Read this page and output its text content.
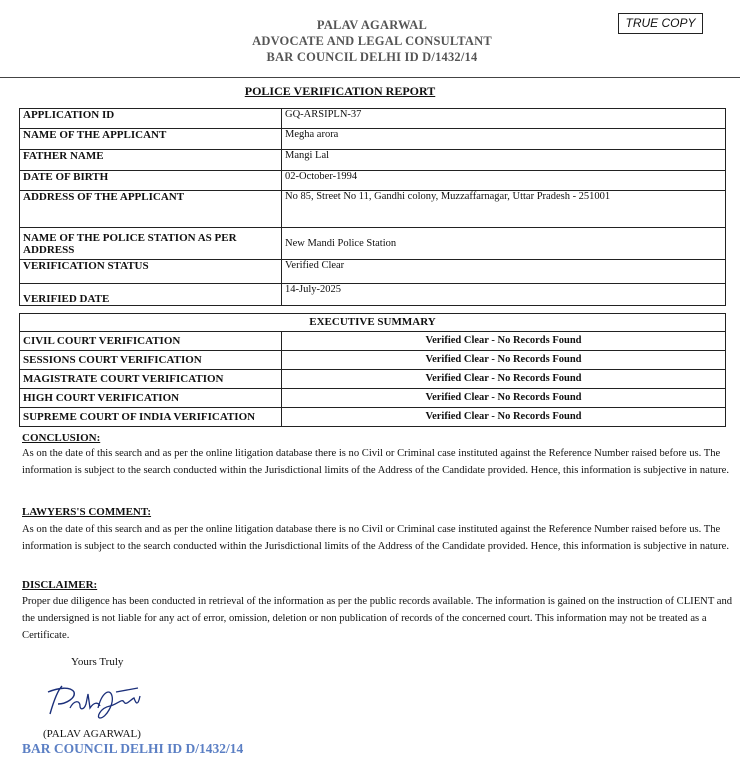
PALAV AGARWAL
ADVOCATE AND LEGAL CONSULTANT
BAR COUNCIL DELHI ID D/1432/14
TRUE COPY
POLICE VERIFICATION REPORT
APPLICATION ID	GQ-ARSIPLN-37
NAME OF THE APPLICANT	Megha arora
FATHER NAME	Mangi Lal
DATE OF BIRTH	02-October-1994
ADDRESS OF THE APPLICANT	No 85, Street No 11, Gandhi colony, Muzzaffarnagar, Uttar Pradesh - 251001
NAME OF THE POLICE STATION AS PER ADDRESS	New Mandi Police Station
VERIFICATION STATUS	Verified Clear
VERIFIED DATE	14-July-2025
EXECUTIVE SUMMARY	
CIVIL COURT VERIFICATION	Verified Clear - No Records Found
SESSIONS COURT VERIFICATION	Verified Clear - No Records Found
MAGISTRATE COURT VERIFICATION	Verified Clear - No Records Found
HIGH COURT VERIFICATION	Verified Clear - No Records Found
SUPREME COURT OF INDIA VERIFICATION	Verified Clear - No Records Found
CONCLUSION:
As on the date of this search and as per the online litigation database there is no Civil or Criminal case instituted against the Reference Number raised before us. The information is subject to the search conducted within the Jurisdictional limits of the Address of the Candidate provided. Hence, this information is subjective in nature.
LAWYERS'S COMMENT:
As on the date of this search and as per the online litigation database there is no Civil or Criminal case instituted against the Reference Number raised before us. The information is subject to the search conducted within the Jurisdictional limits of the Address of the Candidate provided. Hence, this information is subjective in nature.
DISCLAIMER:
Proper due diligence has been conducted in retrieval of the information as per the public records available. The information is gained on the instruction of CLIENT and the undersigned is not liable for any act of error, omission, deletion or non publication of records of the concerned court. This information may not be treated as a Certificate.
Yours Truly
(PALAV AGARWAL)
BAR COUNCIL DELHI ID D/1432/14
